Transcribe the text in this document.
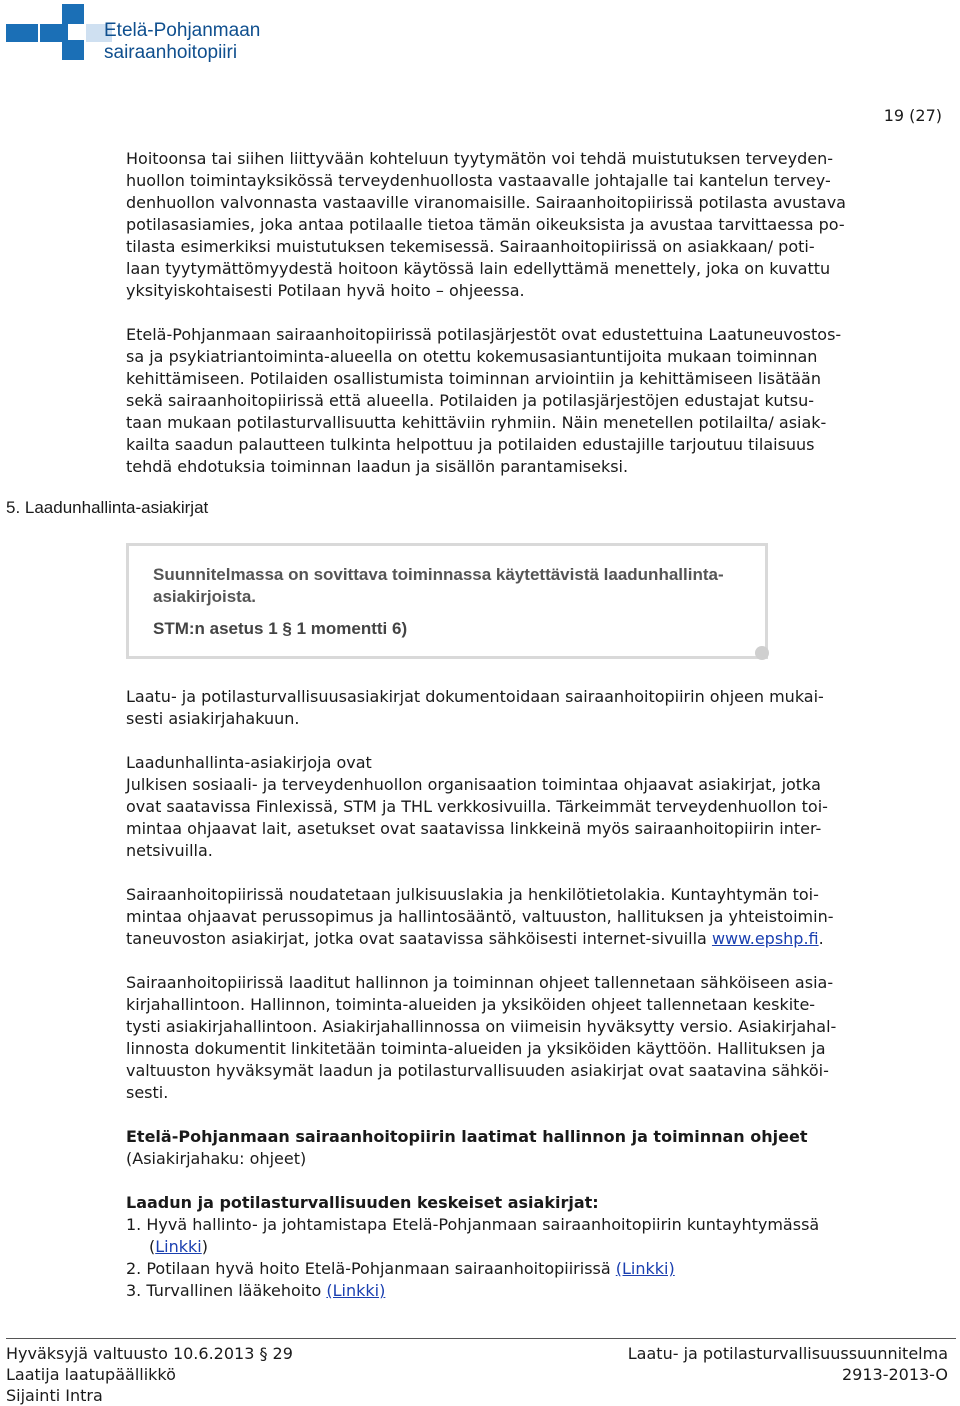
Etelä-Pohjanmaan
sairaanhoitopiiri
19 (27)

Hoitoonsa tai siihen liittyvään kohteluun tyytymätön voi tehdä muistutuksen terveyden-
huollon toimintayksikössä terveydenhuollosta vastaavalle johtajalle tai kantelun tervey-
denhuollon valvonnasta vastaaville viranomaisille. Sairaanhoitopiirissä potilasta avustava
potilasasiamies, joka antaa potilaalle tietoa tämän oikeuksista ja avustaa tarvittaessa po-
tilasta esimerkiksi muistutuksen tekemisessä. Sairaanhoitopiirissä on asiakkaan/ poti-
laan tyytymättömyydestä hoitoon käytössä lain edellyttämä menettely, joka on kuvattu
yksityiskohtaisesti Potilaan hyvä hoito – ohjeessa.

Etelä-Pohjanmaan sairaanhoitopiirissä potilasjärjestöt ovat edustettuina Laatuneuvostos-
sa ja psykiatriantoiminta-alueella on otettu kokemusasiantuntijoita mukaan toiminnan
kehittämiseen. Potilaiden osallistumista toiminnan arviointiin ja kehittämiseen lisätään
sekä sairaanhoitopiirissä että alueella. Potilaiden ja potilasjärjestöjen edustajat kutsu-
taan mukaan potilasturvallisuutta kehittäviin ryhmiin. Näin menetellen potilailta/ asiak-
kailta saadun palautteen tulkinta helpottuu ja potilaiden edustajille tarjoutuu tilaisuus
tehdä ehdotuksia toiminnan laadun ja sisällön parantamiseksi.

5. Laadunhallinta-asiakirjat
Suunnitelmassa on sovittava toiminnassa käytettävistä laadunhallinta-asiakirjoista.
STM:n asetus 1 § 1 momentti 6)

Laatu- ja potilasturvallisuusasiakirjat dokumentoidaan sairaanhoitopiirin ohjeen mukai-
sesti asiakirjahakuun.

Laadunhallinta-asiakirjoja ovat
Julkisen sosiaali- ja terveydenhuollon organisaation toimintaa ohjaavat asiakirjat, jotka
ovat saatavissa Finlexissä, STM ja THL verkkosivuilla. Tärkeimmät terveydenhuollon toi-
mintaa ohjaavat lait, asetukset ovat saatavissa linkkeinä myös sairaanhoitopiirin inter-
netsivuilla.

Sairaanhoitopiirissä noudatetaan julkisuuslakia ja henkilötietolakia. Kuntayhtymän toi-
mintaa ohjaavat perussopimus ja hallintosääntö, valtuuston, hallituksen ja yhteistoimin-
taneuvoston asiakirjat, jotka ovat saatavissa sähköisesti internet-sivuilla www.epshp.fi.

Sairaanhoitopiirissä laaditut hallinnon ja toiminnan ohjeet tallennetaan sähköiseen asia-
kirjahallintoon. Hallinnon, toiminta-alueiden ja yksiköiden ohjeet tallennetaan keskite-
tysti asiakirjahallintoon. Asiakirjahallinnossa on viimeisin hyväksytty versio. Asiakirjahal-
linnosta dokumentit linkitetään toiminta-alueiden ja yksiköiden käyttöön. Hallituksen ja
valtuuston hyväksymät laadun ja potilasturvallisuuden asiakirjat ovat saatavina sähköi-
sesti.

Etelä-Pohjanmaan sairaanhoitopiirin laatimat hallinnon ja toiminnan ohjeet
(Asiakirjahaku: ohjeet)

Laadun ja potilasturvallisuuden keskeiset asiakirjat:
1. Hyvä hallinto- ja johtamistapa Etelä-Pohjanmaan sairaanhoitopiirin kuntayhtymässä
(Linkki)
2. Potilaan hyvä hoito Etelä-Pohjanmaan sairaanhoitopiirissä (Linkki)
3. Turvallinen lääkehoito (Linkki)

Hyväksyjä valtuusto 10.6.2013 § 29	Laatu- ja potilasturvallisuussuunnitelma
Laatija laatupäällikkö	2913-2013-O
Sijainti Intra
